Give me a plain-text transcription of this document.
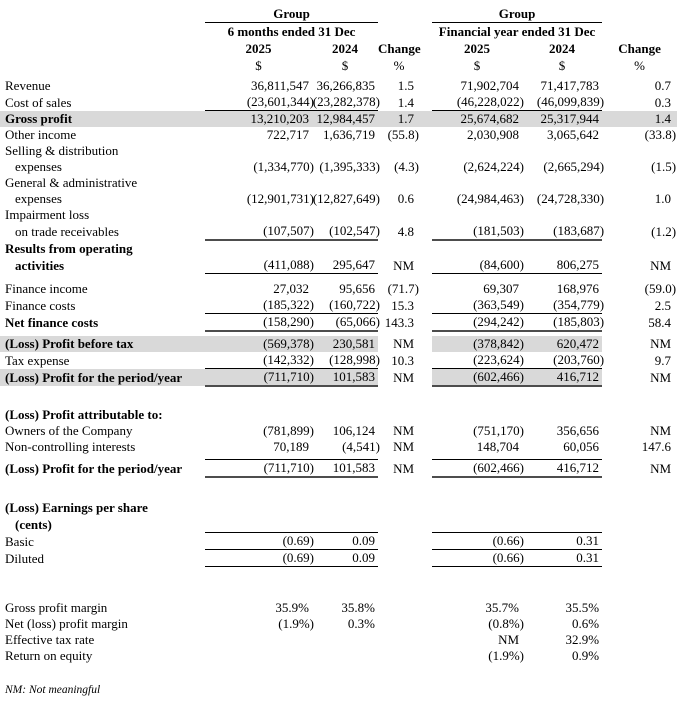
	Group				Group		
	6 months ended 31 Dec				Financial year ended 31 Dec		
	2025	2024	Change		2025	2024	Change
	$	$	%		$	$	%

Revenue	36,811,547	36,266,835	1.5		71,902,704	71,417,783	0.7
Cost of sales	(23,601,344)	(23,282,378)	1.4		(46,228,022)	(46,099,839)	0.3
Gross profit	13,210,203	12,984,457	1.7		25,674,682	25,317,944	1.4
Other income	722,717	1,636,719	(55.8)		2,030,908	3,065,642	(33.8)
Selling & distribution							
expenses	(1,334,770)	(1,395,333)	(4.3)		(2,624,224)	(2,665,294)	(1.5)
General & administrative							
expenses	(12,901,731)	(12,827,649)	0.6		(24,984,463)	(24,728,330)	1.0
Impairment loss							
on trade receivables	(107,507)	(102,547)	4.8		(181,503)	(183,687)	(1.2)
Results from operating							
activities	(411,088)	295,647	NM		(84,600)	806,275	NM

Finance income	27,032	95,656	(71.7)		69,307	168,976	(59.0)
Finance costs	(185,322)	(160,722)	15.3		(363,549)	(354,779)	2.5
Net finance costs	(158,290)	(65,066)	143.3		(294,242)	(185,803)	58.4

(Loss) Profit before tax	(569,378)	230,581	NM		(378,842)	620,472	NM
Tax expense	(142,332)	(128,998)	10.3		(223,624)	(203,760)	9.7
(Loss) Profit for the period/year	(711,710)	101,583	NM		(602,466)	416,712	NM

(Loss) Profit attributable to:							
Owners of the Company	(781,899)	106,124	NM		(751,170)	356,656	NM
Non-controlling interests	70,189	(4,541)	NM		148,704	60,056	147.6

(Loss) Profit for the period/year	(711,710)	101,583	NM		(602,466)	416,712	NM

(Loss) Earnings per share							
(cents)							
Basic	(0.69)	0.09			(0.66)	0.31	
Diluted	(0.69)	0.09			(0.66)	0.31	

Gross profit margin	35.9%	35.8%			35.7%	35.5%	
Net (loss) profit margin	(1.9%)	0.3%			(0.8%)	0.6%	
Effective tax rate					NM	32.9%	
Return on equity					(1.9%)	0.9%	
NM: Not meaningful
